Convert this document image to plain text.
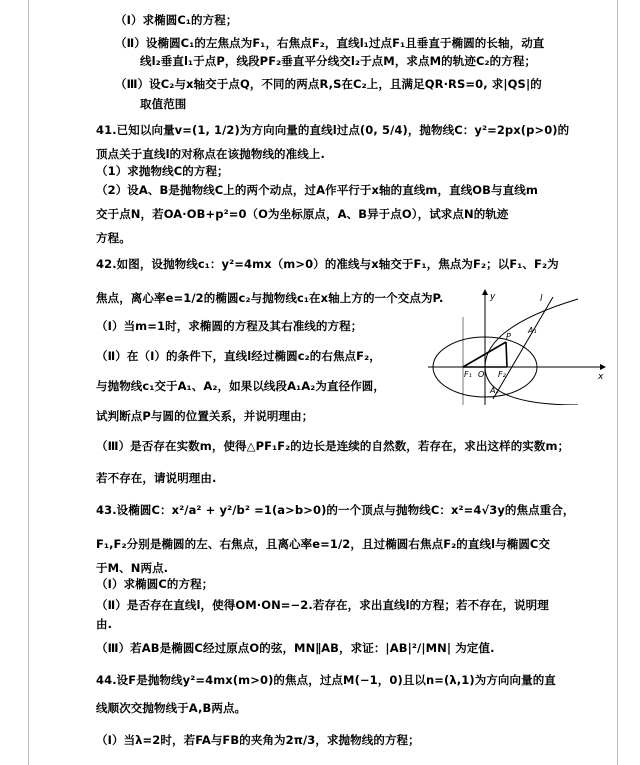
（Ⅰ）求椭圆C₁的方程；
（Ⅱ）设椭圆C₁的左焦点为F₁，右焦点F₂，直线l₁过点F₁且垂直于椭圆的长轴，动直
线l₂垂直l₁于点P，线段PF₂垂直平分线交l₂于点M，求点M的轨迹C₂的方程；
（Ⅲ）设C₂与x轴交于点Q，不同的两点R,S在C₂上，且满足QR·RS=0, 求|QS|的
取值范围
41.已知以向量v=(1, 1/2)为方向向量的直线l过点(0, 5/4)，抛物线C：y²=2px(p>0)的
顶点关于直线l的对称点在该抛物线的准线上.
（1）求抛物线C的方程；
（2）设A、B是抛物线C上的两个动点，过A作平行于x轴的直线m，直线OB与直线m
交于点N，若OA·OB+p²=0（O为坐标原点，A、B异于点O），试求点N的轨迹
方程。
42.如图，设抛物线c₁：y²=4mx（m>0）的准线与x轴交于F₁，焦点为F₂；以F₁、F₂为
焦点，离心率e=1/2的椭圆c₂与抛物线c₁在x轴上方的一个交点为P.
（Ⅰ）当m=1时，求椭圆的方程及其右准线的方程；
（Ⅱ）在（Ⅰ）的条件下，直线l经过椭圆c₂的右焦点F₂，
与抛物线c₁交于A₁、A₂，如果以线段A₁A₂为直径作圆，
试判断点P与圆的位置关系，并说明理由；
（Ⅲ）是否存在实数m，使得△PF₁F₂的边长是连续的自然数，若存在，求出这样的实数m；
若不存在，请说明理由.
43.设椭圆C：x²/a² + y²/b² =1(a>b>0)的一个顶点与抛物线C：x²=4√3y的焦点重合，
F₁,F₂分别是椭圆的左、右焦点，且离心率e=1/2，且过椭圆右焦点F₂的直线l与椭圆C交
于M、N两点.
（Ⅰ）求椭圆C的方程；
（Ⅱ）是否存在直线l，使得OM·ON=−2.若存在，求出直线l的方程；若不存在，说明理
由.
（Ⅲ）若AB是椭圆C经过原点O的弦，MN∥AB，求证：|AB|²/|MN| 为定值.
44.设F是抛物线y²=4mx(m>0)的焦点，过点M(−1，0)且以n=(λ,1)为方向向量的直
线顺次交抛物线于A,B两点。
（Ⅰ）当λ=2时，若FA与FB的夹角为2π/3，求抛物线的方程；
y
x
l
P
A₁
A₂
F₁ O F₂
